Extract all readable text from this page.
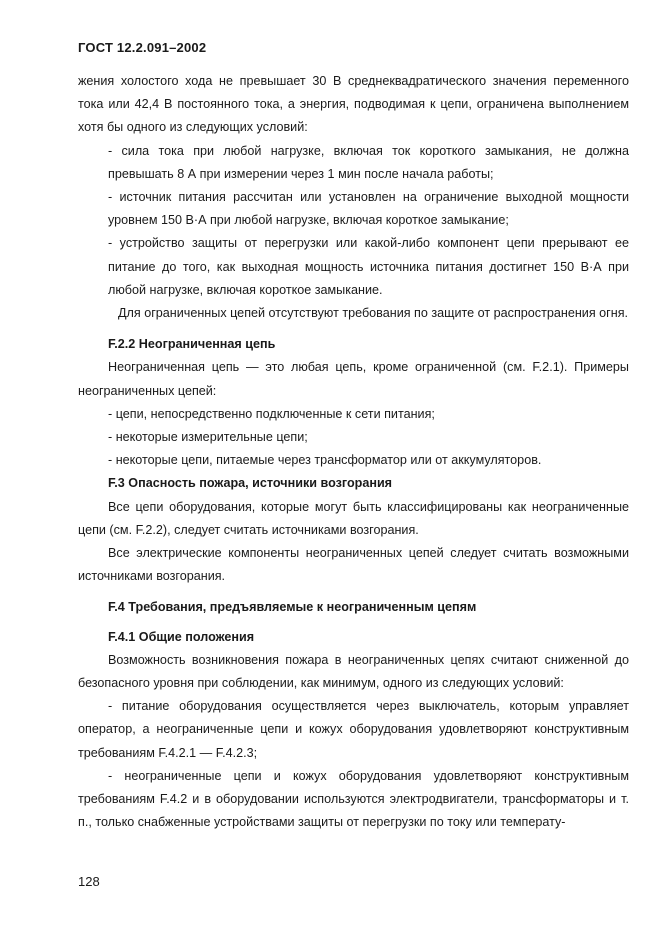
ГОСТ 12.2.091–2002

жения холостого хода не превышает 30 В среднеквадратического значения переменного тока или 42,4 В постоянного тока, а энергия, подводимая к цепи, ограничена выполнением хотя бы одного из следующих условий:

- сила тока при любой нагрузке, включая ток короткого замыкания, не должна превышать 8 А при измерении через 1 мин после начала работы;

- источник питания рассчитан или установлен на ограничение выходной мощности уровнем 150 В·А при любой нагрузке, включая короткое замыкание;

- устройство защиты от перегрузки или какой-либо компонент цепи прерывают ее питание до того, как выходная мощность источника питания достигнет 150 В·А при любой нагрузке, включая короткое замыкание.

Для ограниченных цепей отсутствуют требования по защите от распространения огня.

F.2.2 Неограниченная цепь

Неограниченная цепь — это любая цепь, кроме ограниченной (см. F.2.1). Примеры неограниченных цепей:

- цепи, непосредственно подключенные к сети питания;

- некоторые измерительные цепи;

- некоторые цепи, питаемые через трансформатор или от аккумуляторов.

F.3 Опасность пожара, источники возгорания

Все цепи оборудования, которые могут быть классифицированы как неограниченные цепи (см. F.2.2), следует считать источниками возгорания.

Все электрические компоненты неограниченных цепей следует считать возможными источниками возгорания.

F.4 Требования, предъявляемые к неограниченным цепям

F.4.1 Общие положения

Возможность возникновения пожара в неограниченных цепях считают сниженной до безопасного уровня при соблюдении, как минимум, одного из следующих условий:

- питание оборудования осуществляется через выключатель, которым управляет оператор, а неограниченные цепи и кожух оборудования удовлетворяют конструктивным требованиям F.4.2.1 — F.4.2.3;

- неограниченные цепи и кожух оборудования удовлетворяют конструктивным требованиям F.4.2 и в оборудовании используются электродвигатели, трансформаторы и т. п., только снабженные устройствами защиты от перегрузки по току или температу-

128
